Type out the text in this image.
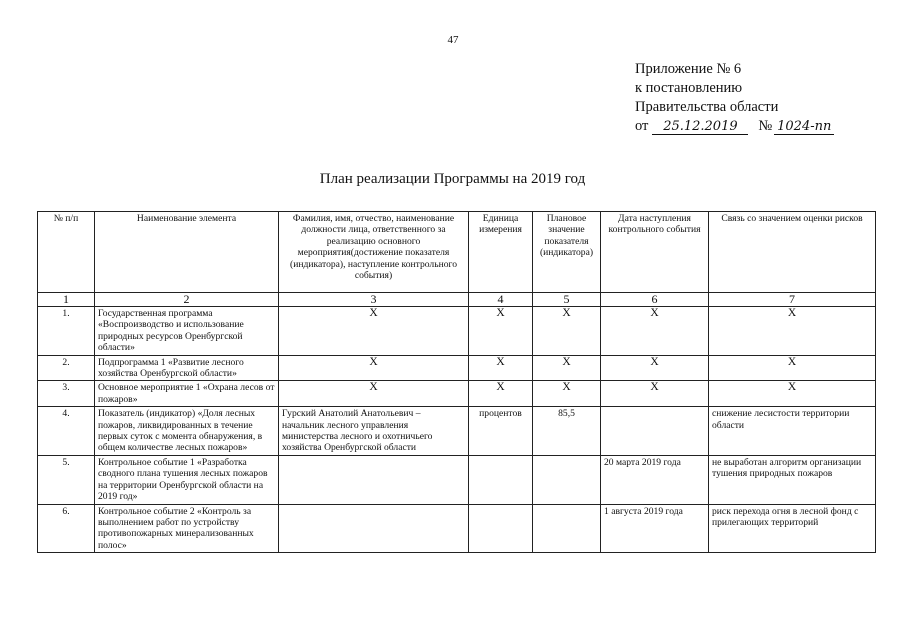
47
Приложение № 6
к постановлению
Правительства области
от	25.12.2019	№ 1024-пп
План реализации Программы на 2019 год
№ п/п	Наименование элемента	Фамилия, имя, отчество, наименование должности лица, ответственного за реализацию основного мероприятия(достижение показателя (индикатора), наступление контрольного события)	Единица измерения	Плановое значение показателя (индикатора)	Дата наступления контрольного события	Связь со значением оценки рисков
1	2	3	4	5	6	7
1.	Государственная программа «Воспроизводство и использование природных ресурсов Оренбургской области»	X	X	X	X	X
2.	Подпрограмма 1 «Развитие лесного хозяйства Оренбургской области»	X	X	X	X	X
3.	Основное мероприятие 1 «Охрана лесов от пожаров»	X	X	X	X	X
4.	Показатель (индикатор) «Доля лесных пожаров, ликвидированных в течение первых суток с момента обнаружения, в общем количестве лесных пожаров»	Гурский Анатолий Анатольевич – начальник лесного управления министерства лесного и охотничьего хозяйства Оренбургской области	процентов	85,5		снижение лесистости территории области
5.	Контрольное событие 1 «Разработка сводного плана тушения лесных пожаров на территории Оренбургской области на 2019 год»				20 марта 2019 года	не выработан алгоритм организации тушения природных пожаров
6.	Контрольное событие 2 «Контроль за выполнением работ по устройству противопожарных минерализованных полос»				1 августа 2019 года	риск перехода огня в лесной фонд с прилегающих территорий
